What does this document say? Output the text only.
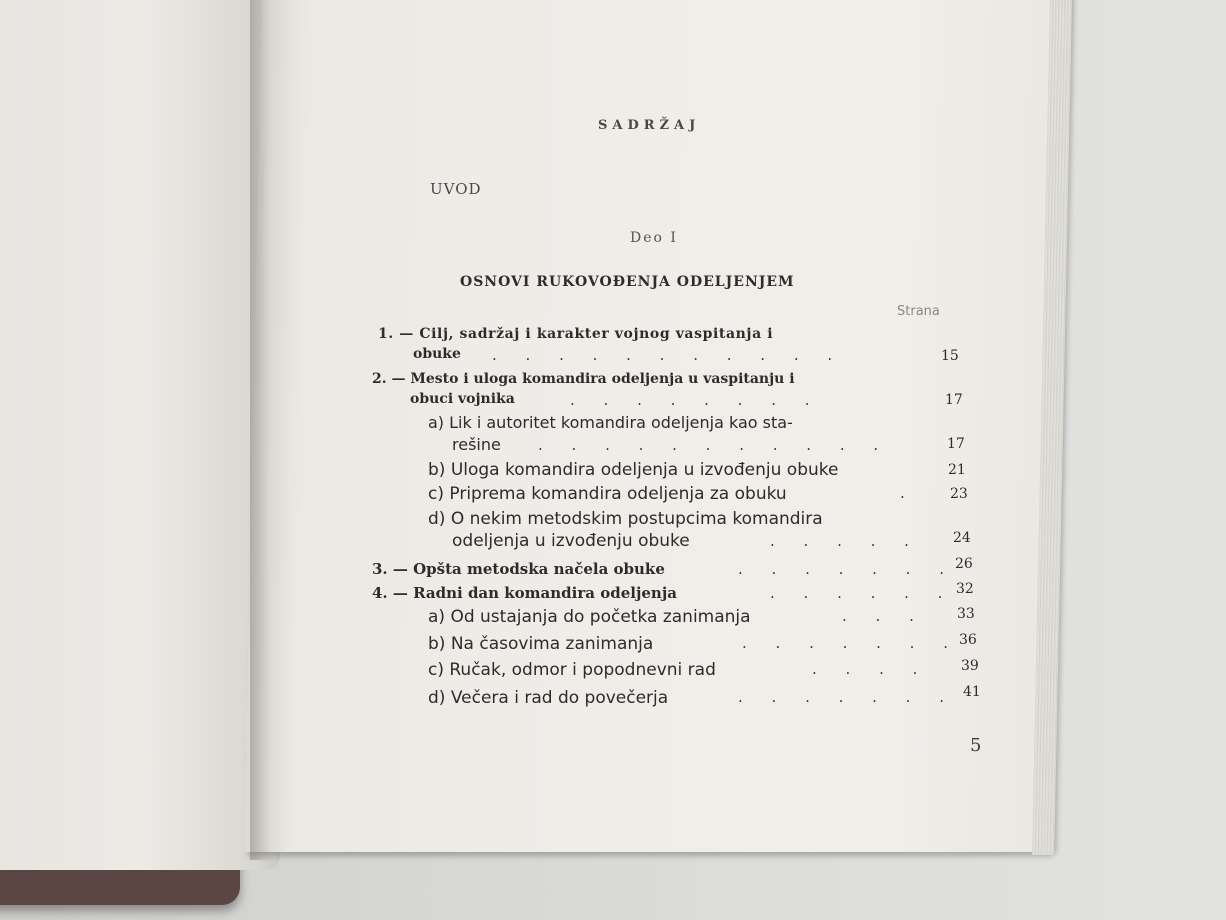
SADRŽAJ
UVOD
Deo I
OSNOVI RUKOVOĐENJA ODELJENJEM
Strana
1. — Cilj, sadržaj i karakter vojnog vaspitanja i
obuke . . . . . . . . . . .	15
2. — Mesto i uloga komandira odeljenja u vaspitanju i
obuci vojnika	. . . . . . . .	17
a) Lik i autoritet komandira odeljenja kao sta-
rešine . . . . . . . . . . .	17
b) Uloga komandira odeljenja u izvođenju obuke	21
c) Priprema komandira odeljenja za obuku	. 23
d) O nekim metodskim postupcima komandira
odeljenja u izvođenju obuke	. . . . . 24
3. — Opšta metodska načela obuke	. . . . . . . 26
4. — Radni dan komandira odeljenja	. . . . . . 32
a) Od ustajanja do početka zanimanja	. . . 33
b) Na časovima zanimanja	. . . . . . . 36
c) Ručak, odmor i popodnevni rad	. . . . 39
d) Večera i rad do povečerja	. . . . . . . 41
5
